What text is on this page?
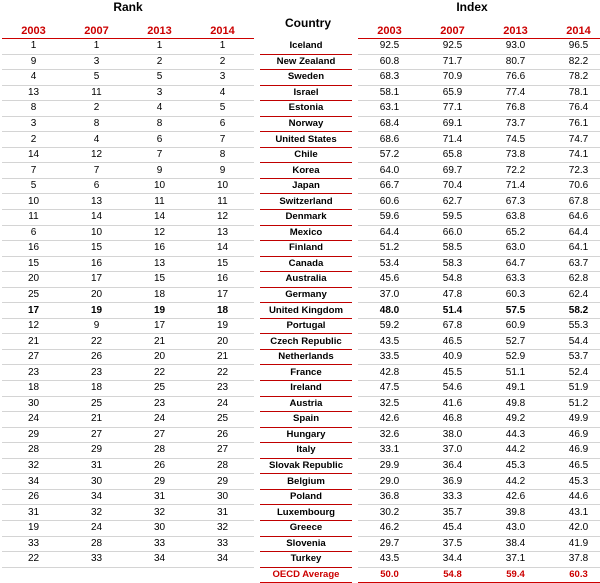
Rank	Index
Country
2003	2007	2013	2014				2003	2007	2013	2014
1	1	1	1		Iceland		92.5	92.5	93.0	96.5
9	3	2	2		New Zealand		60.8	71.7	80.7	82.2
4	5	5	3		Sweden		68.3	70.9	76.6	78.2
13	11	3	4		Israel		58.1	65.9	77.4	78.1
8	2	4	5		Estonia		63.1	77.1	76.8	76.4
3	8	8	6		Norway		68.4	69.1	73.7	76.1
2	4	6	7		United States		68.6	71.4	74.5	74.7
14	12	7	8		Chile		57.2	65.8	73.8	74.1
7	7	9	9		Korea		64.0	69.7	72.2	72.3
5	6	10	10		Japan		66.7	70.4	71.4	70.6
10	13	11	11		Switzerland		60.6	62.7	67.3	67.8
11	14	14	12		Denmark		59.6	59.5	63.8	64.6
6	10	12	13		Mexico		64.4	66.0	65.2	64.4
16	15	16	14		Finland		51.2	58.5	63.0	64.1
15	16	13	15		Canada		53.4	58.3	64.7	63.7
20	17	15	16		Australia		45.6	54.8	63.3	62.8
25	20	18	17		Germany		37.0	47.8	60.3	62.4
17	19	19	18		United Kingdom		48.0	51.4	57.5	58.2
12	9	17	19		Portugal		59.2	67.8	60.9	55.3
21	22	21	20		Czech Republic		43.5	46.5	52.7	54.4
27	26	20	21		Netherlands		33.5	40.9	52.9	53.7
23	23	22	22		France		42.8	45.5	51.1	52.4
18	18	25	23		Ireland		47.5	54.6	49.1	51.9
30	25	23	24		Austria		32.5	41.6	49.8	51.2
24	21	24	25		Spain		42.6	46.8	49.2	49.9
29	27	27	26		Hungary		32.6	38.0	44.3	46.9
28	29	28	27		Italy		33.1	37.0	44.2	46.9
32	31	26	28		Slovak Republic		29.9	36.4	45.3	46.5
34	30	29	29		Belgium		29.0	36.9	44.2	45.3
26	34	31	30		Poland		36.8	33.3	42.6	44.6
31	32	32	31		Luxembourg		30.2	35.7	39.8	43.1
19	24	30	32		Greece		46.2	45.4	43.0	42.0
33	28	33	33		Slovenia		29.7	37.5	38.4	41.9
22	33	34	34		Turkey		43.5	34.4	37.1	37.8
					OECD Average		50.0	54.8	59.4	60.3
